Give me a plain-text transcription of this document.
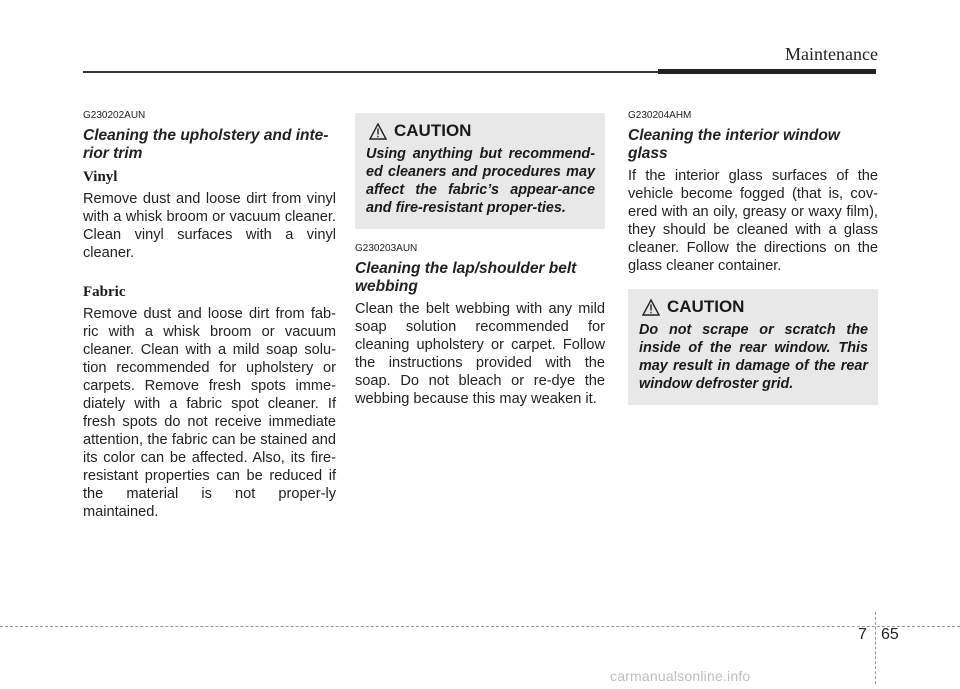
Maintenance

G230202AUN

Cleaning the upholstery and inte-rior trim
Vinyl

Remove dust and loose dirt from vinyl with a whisk broom or vacuum cleaner. Clean vinyl surfaces with a vinyl cleaner.

Fabric

Remove dust and loose dirt from fab-ric with a whisk broom or vacuum cleaner. Clean with a mild soap solu-tion recommended for upholstery or carpets. Remove fresh spots imme-diately with a fabric spot cleaner. If fresh spots do not receive immediate attention, the fabric can be stained and its color can be affected. Also, its fire-resistant properties can be reduced if the material is not proper-ly maintained.

CAUTION
Using anything but recommend-ed cleaners and procedures may affect the fabric’s appear-ance and fire-resistant proper-ties.

G230203AUN

Cleaning the lap/shoulder belt webbing

Clean the belt webbing with any mild soap solution recommended for cleaning upholstery or carpet. Follow the instructions provided with the soap. Do not bleach or re-dye the webbing because this may weaken it.

G230204AHM

Cleaning the interior window glass

If the interior glass surfaces of the vehicle become fogged (that is, cov-ered with an oily, greasy or waxy film), they should be cleaned with a glass cleaner. Follow the directions on the glass cleaner container.

CAUTION
Do not scrape or scratch the inside of the rear window. This may result in damage of the rear window defroster grid.
7 65
carmanualsonline.info
